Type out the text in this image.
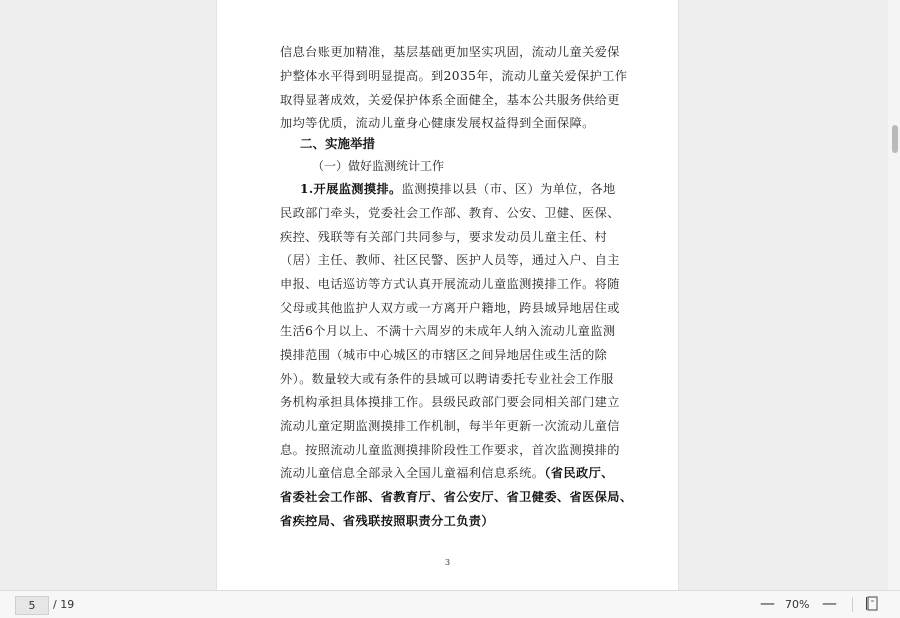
信息台账更加精准，基层基础更加坚实巩固，流动儿童关爱保
护整体水平得到明显提高。到2035年，流动儿童关爱保护工作
取得显著成效，关爱保护体系全面健全，基本公共服务供给更
加均等优质，流动儿童身心健康发展权益得到全面保障。
二、实施举措
（一）做好监测统计工作
1.开展监测摸排。监测摸排以县（市、区）为单位，各地
民政部门牵头，党委社会工作部、教育、公安、卫健、医保、
疾控、残联等有关部门共同参与，要求发动员儿童主任、村
（居）主任、教师、社区民警、医护人员等，通过入户、自主
申报、电话巡访等方式认真开展流动儿童监测摸排工作。将随
父母或其他监护人双方或一方离开户籍地，跨县域异地居住或
生活6个月以上、不满十六周岁的未成年人纳入流动儿童监测
摸排范围（城市中心城区的市辖区之间异地居住或生活的除
外）。数量较大或有条件的县域可以聘请委托专业社会工作服
务机构承担具体摸排工作。县级民政部门要会同相关部门建立
流动儿童定期监测摸排工作机制，每半年更新一次流动儿童信
息。按照流动儿童监测摸排阶段性工作要求，首次监测摸排的
流动儿童信息全部录入全国儿童福利信息系统。（省民政厅、
省委社会工作部、省教育厅、省公安厅、省卫健委、省医保局、
省疾控局、省残联按照职责分工负责）
3
5	/ 19	— 70% —
